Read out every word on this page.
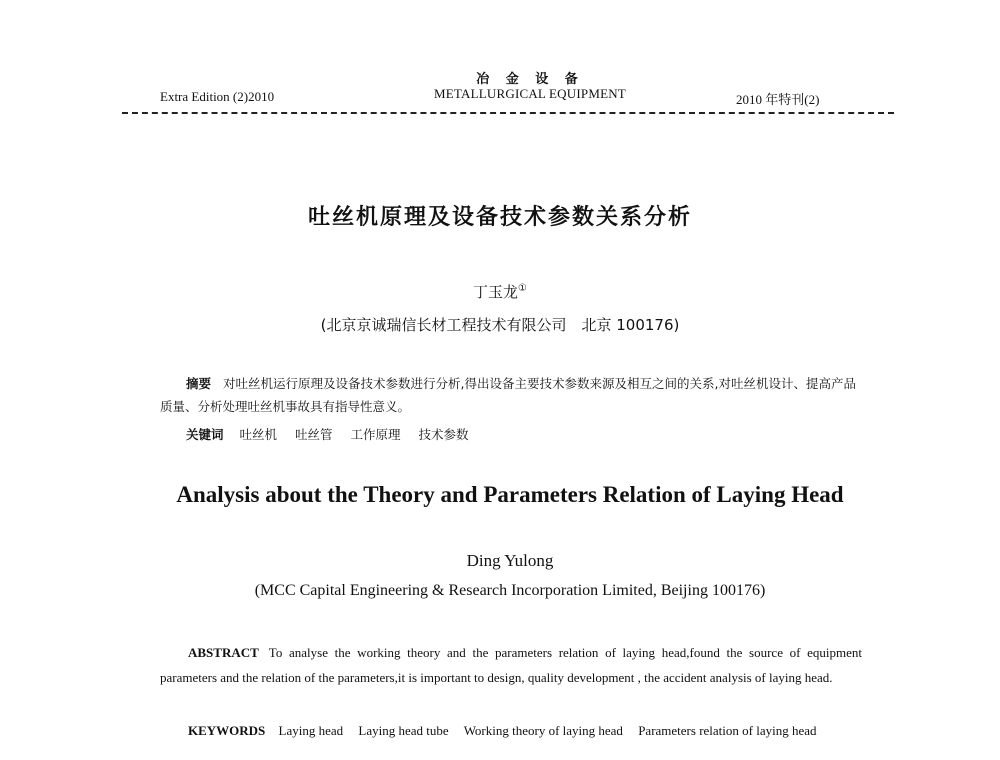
Extra Edition (2)2010
冶 金 设 备
METALLURGICAL EQUIPMENT	2010 年特刊(2)
吐丝机原理及设备技术参数关系分析
丁玉龙①
(北京京诚瑞信长材工程技术有限公司　北京 100176)
摘要 对吐丝机运行原理及设备技术参数进行分析,得出设备主要技术参数来源及相互之间的关系,对吐丝机设计、提高产品质量、分析处理吐丝机事故具有指导性意义。
关键词 吐丝机 吐丝管 工作原理 技术参数
Analysis about the Theory and Parameters Relation of Laying Head
Ding Yulong
(MCC Capital Engineering & Research Incorporation Limited, Beijing 100176)
ABSTRACT To analyse the working theory and the parameters relation of laying head,found the source of equipment parameters and the relation of the parameters,it is important to design, quality development , the accident analysis of laying head.
KEYWORDS Laying head Laying head tube Working theory of laying head Parameters relation of laying head
